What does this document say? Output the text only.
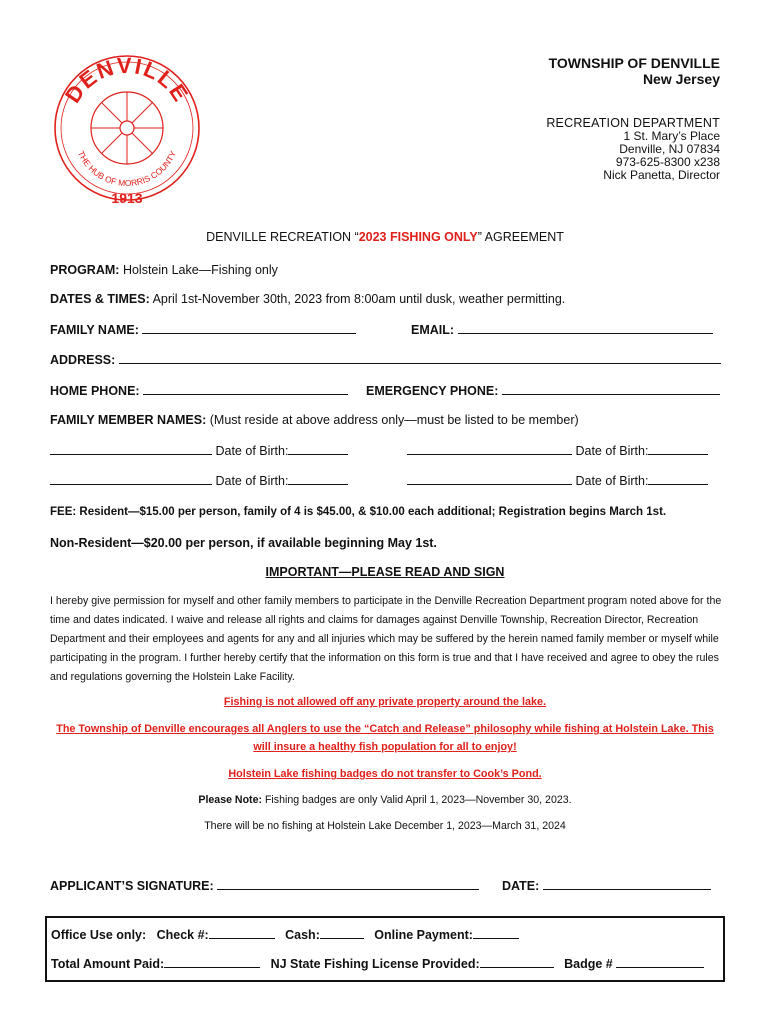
DENVILLE
THE HUB OF MORRIS COUNTY
1913
TOWNSHIP OF DENVILLE
New Jersey
RECREATION DEPARTMENT
1 St. Mary’s Place
Denville, NJ 07834
973-625-8300 x238
Nick Panetta, Director
DENVILLE RECREATION “2023 FISHING ONLY” AGREEMENT
PROGRAM: Holstein Lake—Fishing only
DATES & TIMES: April 1st-November 30th, 2023 from 8:00am until dusk, weather permitting.
FAMILY NAME:	EMAIL:
ADDRESS:
HOME PHONE:	EMERGENCY PHONE:
FAMILY MEMBER NAMES: (Must reside at above address only—must be listed to be member)
Date of Birth:	Date of Birth:
Date of Birth:	Date of Birth:
FEE: Resident—$15.00 per person, family of 4 is $45.00, & $10.00 each additional; Registration begins March 1st.
Non-Resident—$20.00 per person, if available beginning May 1st.
IMPORTANT—PLEASE READ AND SIGN
I hereby give permission for myself and other family members to participate in the Denville Recreation Department program noted above for the time and dates indicated. I waive and release all rights and claims for damages against Denville Township, Recreation Director, Recreation Department and their employees and agents for any and all injuries which may be suffered by the herein named family member or myself while participating in the program. I further hereby certify that the information on this form is true and that I have received and agree to obey the rules and regulations governing the Holstein Lake Facility.
Fishing is not allowed off any private property around the lake.
The Township of Denville encourages all Anglers to use the “Catch and Release” philosophy while fishing at Holstein Lake. This will insure a healthy fish population for all to enjoy!
Holstein Lake fishing badges do not transfer to Cook’s Pond.
Please Note: Fishing badges are only Valid April 1, 2023—November 30, 2023.
There will be no fishing at Holstein Lake December 1, 2023—March 31, 2024
APPLICANT’S SIGNATURE:	DATE:
Office Use only: Check #:	Cash:	Online Payment:
Total Amount Paid:	NJ State Fishing License Provided:	Badge #
